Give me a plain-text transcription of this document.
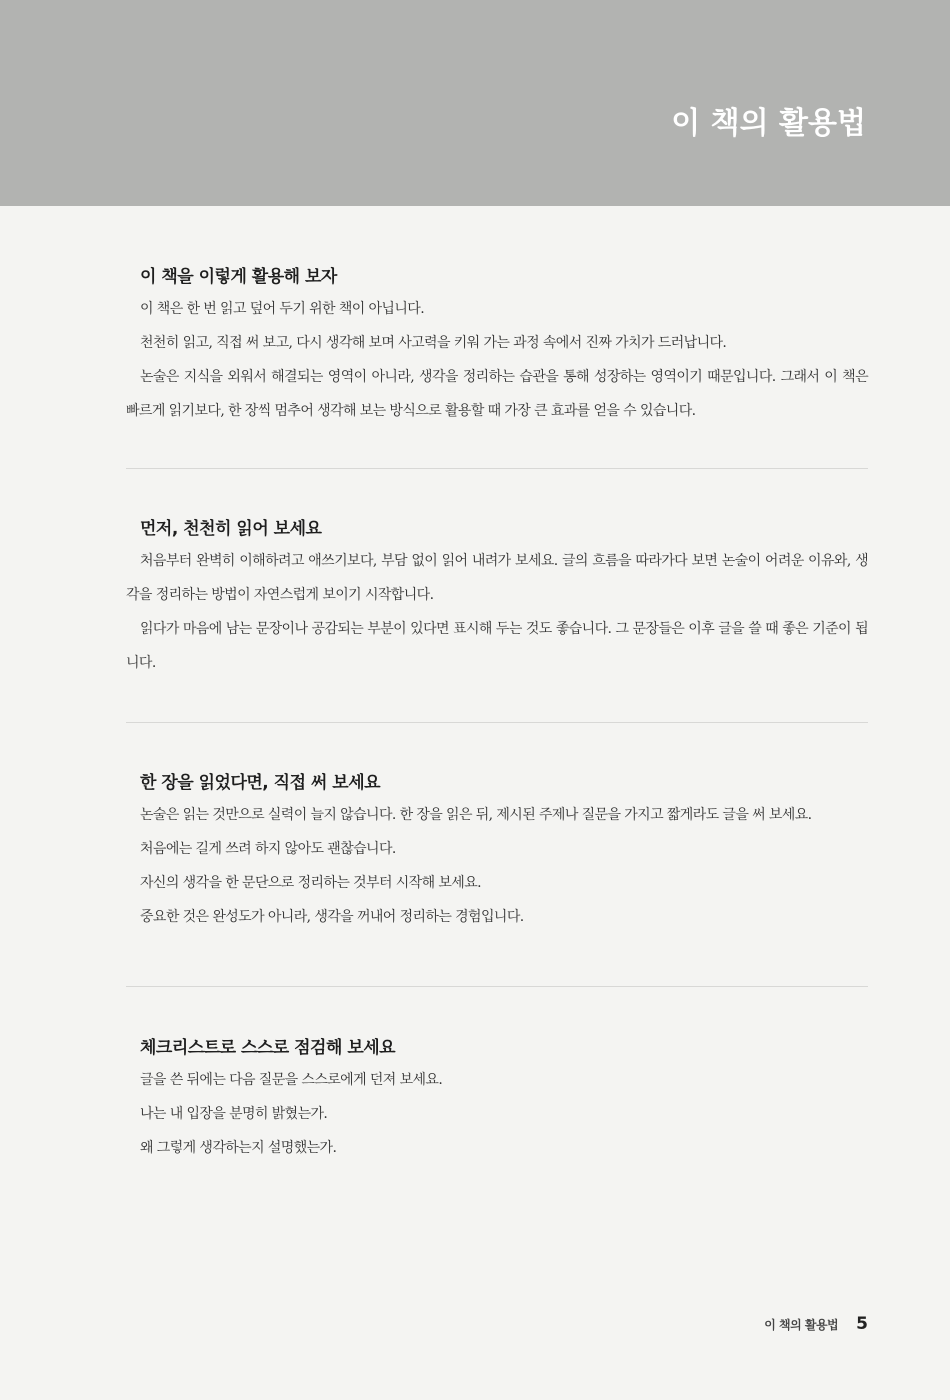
이 책의 활용법
이 책을 이렇게 활용해 보자

이 책은 한 번 읽고 덮어 두기 위한 책이 아닙니다.

천천히 읽고, 직접 써 보고, 다시 생각해 보며 사고력을 키워 가는 과정 속에서 진짜 가치가 드러납니다.

논술은 지식을 외워서 해결되는 영역이 아니라, 생각을 정리하는 습관을 통해 성장하는 영역이기 때문입니다. 그래서 이 책은 빠르게 읽기보다, 한 장씩 멈추어 생각해 보는 방식으로 활용할 때 가장 큰 효과를 얻을 수 있습니다.

먼저, 천천히 읽어 보세요

처음부터 완벽히 이해하려고 애쓰기보다, 부담 없이 읽어 내려가 보세요. 글의 흐름을 따라가다 보면 논술이 어려운 이유와, 생각을 정리하는 방법이 자연스럽게 보이기 시작합니다.

읽다가 마음에 남는 문장이나 공감되는 부분이 있다면 표시해 두는 것도 좋습니다. 그 문장들은 이후 글을 쓸 때 좋은 기준이 됩니다.

한 장을 읽었다면, 직접 써 보세요

논술은 읽는 것만으로 실력이 늘지 않습니다. 한 장을 읽은 뒤, 제시된 주제나 질문을 가지고 짧게라도 글을 써 보세요.

처음에는 길게 쓰려 하지 않아도 괜찮습니다.

자신의 생각을 한 문단으로 정리하는 것부터 시작해 보세요.

중요한 것은 완성도가 아니라, 생각을 꺼내어 정리하는 경험입니다.

체크리스트로 스스로 점검해 보세요

글을 쓴 뒤에는 다음 질문을 스스로에게 던져 보세요.

나는 내 입장을 분명히 밝혔는가.

왜 그렇게 생각하는지 설명했는가.

이 책의 활용법 5
